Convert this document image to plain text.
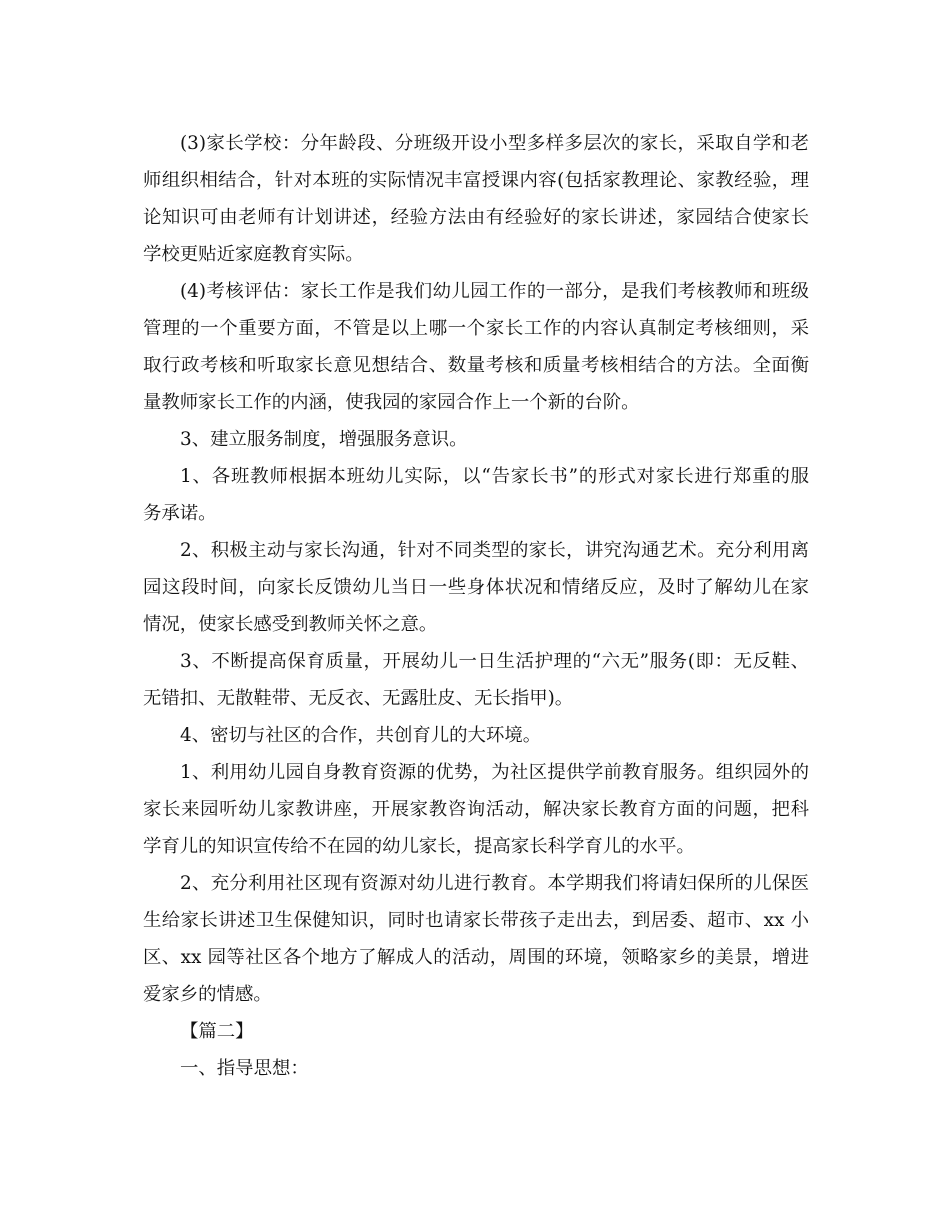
(3)家长学校：分年龄段、分班级开设小型多样多层次的家长，采取自学和老
师组织相结合，针对本班的实际情况丰富授课内容(包括家教理论、家教经验，理
论知识可由老师有计划讲述，经验方法由有经验好的家长讲述，家园结合使家长
学校更贴近家庭教育实际。
(4)考核评估：家长工作是我们幼儿园工作的一部分，是我们考核教师和班级
管理的一个重要方面，不管是以上哪一个家长工作的内容认真制定考核细则，采
取行政考核和听取家长意见想结合、数量考核和质量考核相结合的方法。全面衡
量教师家长工作的内涵，使我园的家园合作上一个新的台阶。
3、建立服务制度，增强服务意识。
1、各班教师根据本班幼儿实际，以“告家长书”的形式对家长进行郑重的服
务承诺。
2、积极主动与家长沟通，针对不同类型的家长，讲究沟通艺术。充分利用离
园这段时间，向家长反馈幼儿当日一些身体状况和情绪反应，及时了解幼儿在家
情况，使家长感受到教师关怀之意。
3、不断提高保育质量，开展幼儿一日生活护理的“六无”服务(即：无反鞋、
无错扣、无散鞋带、无反衣、无露肚皮、无长指甲)。
4、密切与社区的合作，共创育儿的大环境。
1、利用幼儿园自身教育资源的优势，为社区提供学前教育服务。组织园外的
家长来园听幼儿家教讲座，开展家教咨询活动，解决家长教育方面的问题，把科
学育儿的知识宣传给不在园的幼儿家长，提高家长科学育儿的水平。
2、充分利用社区现有资源对幼儿进行教育。本学期我们将请妇保所的儿保医
生给家长讲述卫生保健知识，同时也请家长带孩子走出去，到居委、超市、xx 小
区、xx 园等社区各个地方了解成人的活动，周围的环境，领略家乡的美景，增进
爱家乡的情感。
【篇二】
一、指导思想：
